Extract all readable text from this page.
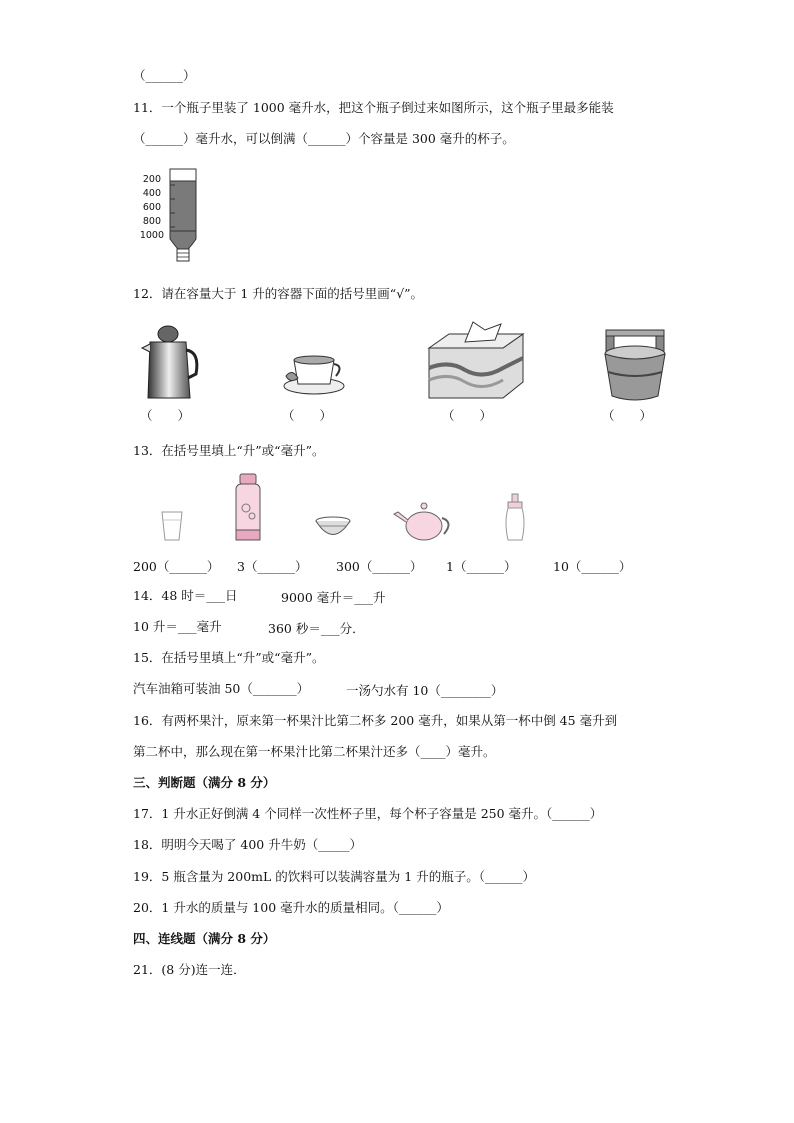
（______）
11．一个瓶子里装了 1000 毫升水，把这个瓶子倒过来如图所示，这个瓶子里最多能装
（______）毫升水，可以倒满（______）个容量是 300 毫升的杯子。
200
400
600
800
1000
12．请在容量大于 1 升的容器下面的括号里画“√”。
（　　）	（　　）	（　　）	（　　）
13．在括号里填上“升”或“毫升”。
200（______） 3（______） 300（______） 1（______）	10（______）
14．48 时＝___日	9000 毫升＝___升
10 升＝___毫升	360 秒＝___分．
15．在括号里填上“升”或“毫升”。
汽车油箱可装油 50（_______）	一汤勺水有 10（________）
16．有两杯果汁，原来第一杯果汁比第二杯多 200 毫升，如果从第一杯中倒 45 毫升到
第二杯中，那么现在第一杯果汁比第二杯果汁还多（____）毫升。
三、判断题（满分 8 分）
17．1 升水正好倒满 4 个同样一次性杯子里，每个杯子容量是 250 毫升。（______）
18．明明今天喝了 400 升牛奶（_____）
19．5 瓶含量为 200mL 的饮料可以装满容量为 1 升的瓶子。（______）
20．1 升水的质量与 100 毫升水的质量相同。（______）
四、连线题（满分 8 分）
21．(8 分)连一连．
